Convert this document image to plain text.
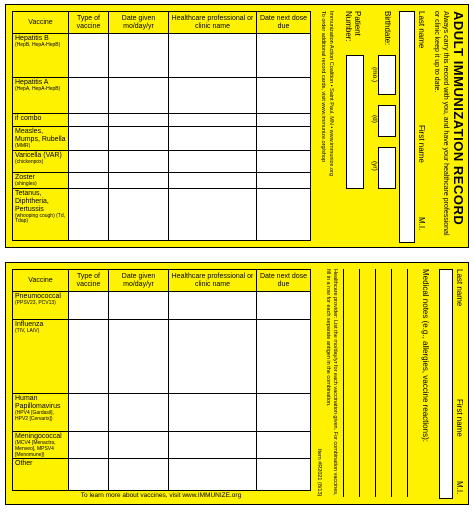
Vaccine	Type of vaccine	Date given mo/day/yr	Healthcare professional or clinic name	Date next dose due

Hepatitis B
(HepB, HepA-HepB)				

Hepatitis A
(HepA, HepA-HepB)				

if combo				

Measles, Mumps, Rubella
(MMR)				

Varicella (VAR)
(chickenpox)				

Zoster
(shingles)				

Tetanus, Diphtheria, Pertussis
(whooping cough) (Td, Tdap)				
					ADULT IMMUNIZATION RECORD
Always carry this record with you, and have your healthcare professional or clinic keep it up to date.
Last name
First name
M.I.
Birthdate:
(mo.)
(d)
(yr)
Patient Number:
Immunization Action Coalition • Saint Paul, MN • www.immunize.org
To order additional record cards, visit www.immunize.org/shop
Vaccine	Type of vaccine	Date given mo/day/yr	Healthcare professional or clinic name	Date next dose due

Pneumococcal
(PPSV23, PCV13)				

Influenza
(TIV, LAIV)				

Human Papillomavirus
(HPV4 [Gardasil], HPV2 [Cervarix])				

Meningococcal
(MCV4 [Menactra, Menveo], MPSV4 [Menomune])				

Other				

To learn more about vaccines, visit www.IMMUNIZE.org
Last name
First name
M.I.
Medical notes (e.g., allergies, vaccine reactions):
Healthcare provider: List the mo/day/yr for each vaccination given. For combination vaccines, fill in a row for each separate antigen in the combination.
Item #R2021 (8/13)
